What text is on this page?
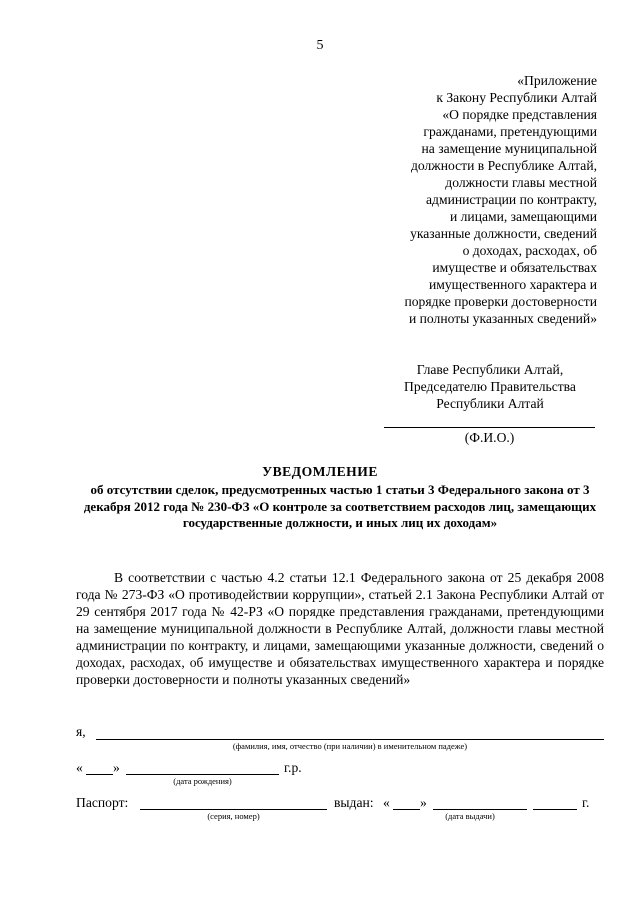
5
«Приложение
к Закону Республики Алтай
«О порядке представления
гражданами, претендующими
на замещение муниципальной
должности в Республике Алтай,
должности главы местной
администрации по контракту,
и лицами, замещающими
указанные должности, сведений
о доходах, расходах, об
имуществе и обязательствах
имущественного характера и
порядке проверки достоверности
и полноты указанных сведений»
Главе Республики Алтай,
Председателю Правительства
Республики Алтай
(Ф.И.О.)
УВЕДОМЛЕНИЕ
об отсутствии сделок, предусмотренных частью 1 статьи 3 Федерального закона от 3 декабря 2012 года № 230-ФЗ «О контроле за соответствием расходов лиц, замещающих государственные должности, и иных лиц их доходам»

В соответствии с частью 4.2 статьи 12.1 Федерального закона от 25 декабря 2008 года № 273-ФЗ «О противодействии коррупции», статьей 2.1 Закона Республики Алтай от 29 сентября 2017 года № 42-РЗ «О порядке представления гражданами, претендующими на замещение муниципальной должности в Республике Алтай, должности главы местной администрации по контракту, и лицами, замещающими указанные должности, сведений о доходах, расходах, об имуществе и обязательствах имущественного характера и порядке проверки достоверности и полноты указанных сведений»

я,
(фамилия, имя, отчество (при наличии) в именительном падеже)
« »	г.р.
(дата рождения)
Паспорт:
(серия, номер)
выдан: « »	г.
(дата выдачи)
